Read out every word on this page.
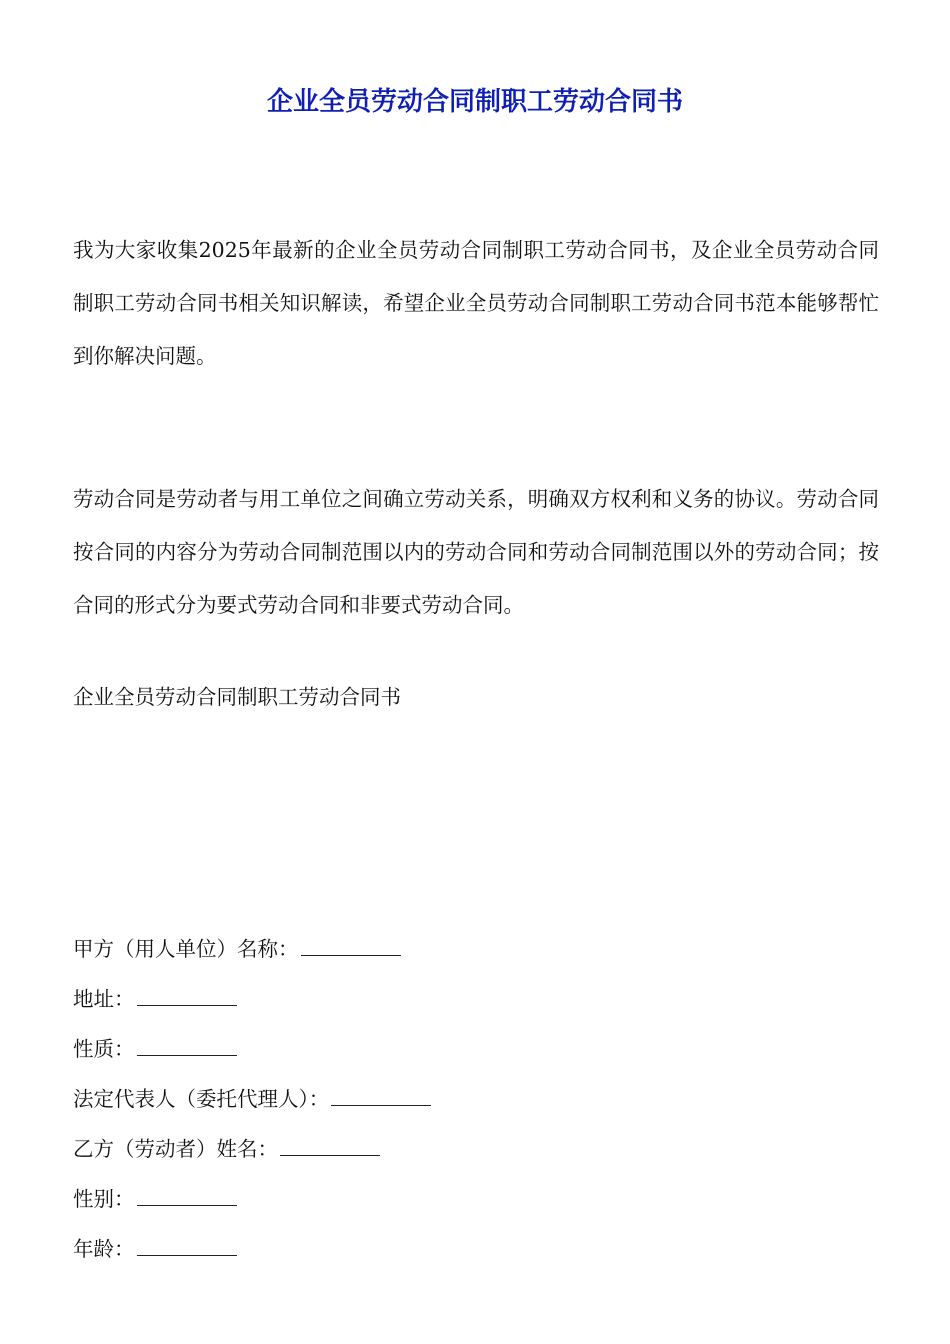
企业全员劳动合同制职工劳动合同书

我为大家收集2025年最新的企业全员劳动合同制职工劳动合同书，及企业全员劳动合同制职工劳动合同书相关知识解读，希望企业全员劳动合同制职工劳动合同书范本能够帮忙到你解决问题。

劳动合同是劳动者与用工单位之间确立劳动关系，明确双方权利和义务的协议。劳动合同按合同的内容分为劳动合同制范围以内的劳动合同和劳动合同制范围以外的劳动合同；按合同的形式分为要式劳动合同和非要式劳动合同。

企业全员劳动合同制职工劳动合同书

甲方（用人单位）名称：
地址：
性质：
法定代表人（委托代理人）：
乙方（劳动者）姓名：
性别：
年龄：
